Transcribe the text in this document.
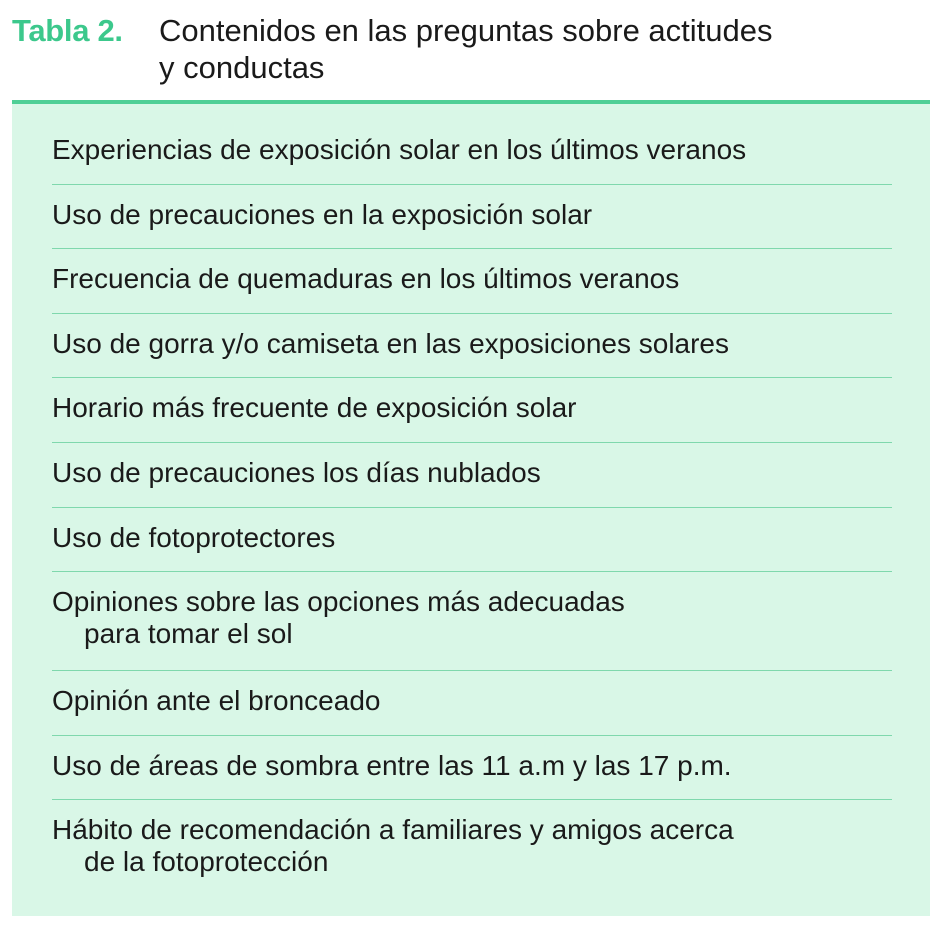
Tabla 2. Contenidos en las preguntas sobre actitudes
y conductas
Experiencias de exposición solar en los últimos veranos
Uso de precauciones en la exposición solar
Frecuencia de quemaduras en los últimos veranos
Uso de gorra y/o camiseta en las exposiciones solares
Horario más frecuente de exposición solar
Uso de precauciones los días nublados
Uso de fotoprotectores
Opiniones sobre las opciones más adecuadas
para tomar el sol
Opinión ante el bronceado
Uso de áreas de sombra entre las 11 a.m y las 17 p.m.
Hábito de recomendación a familiares y amigos acerca
de la fotoprotección
